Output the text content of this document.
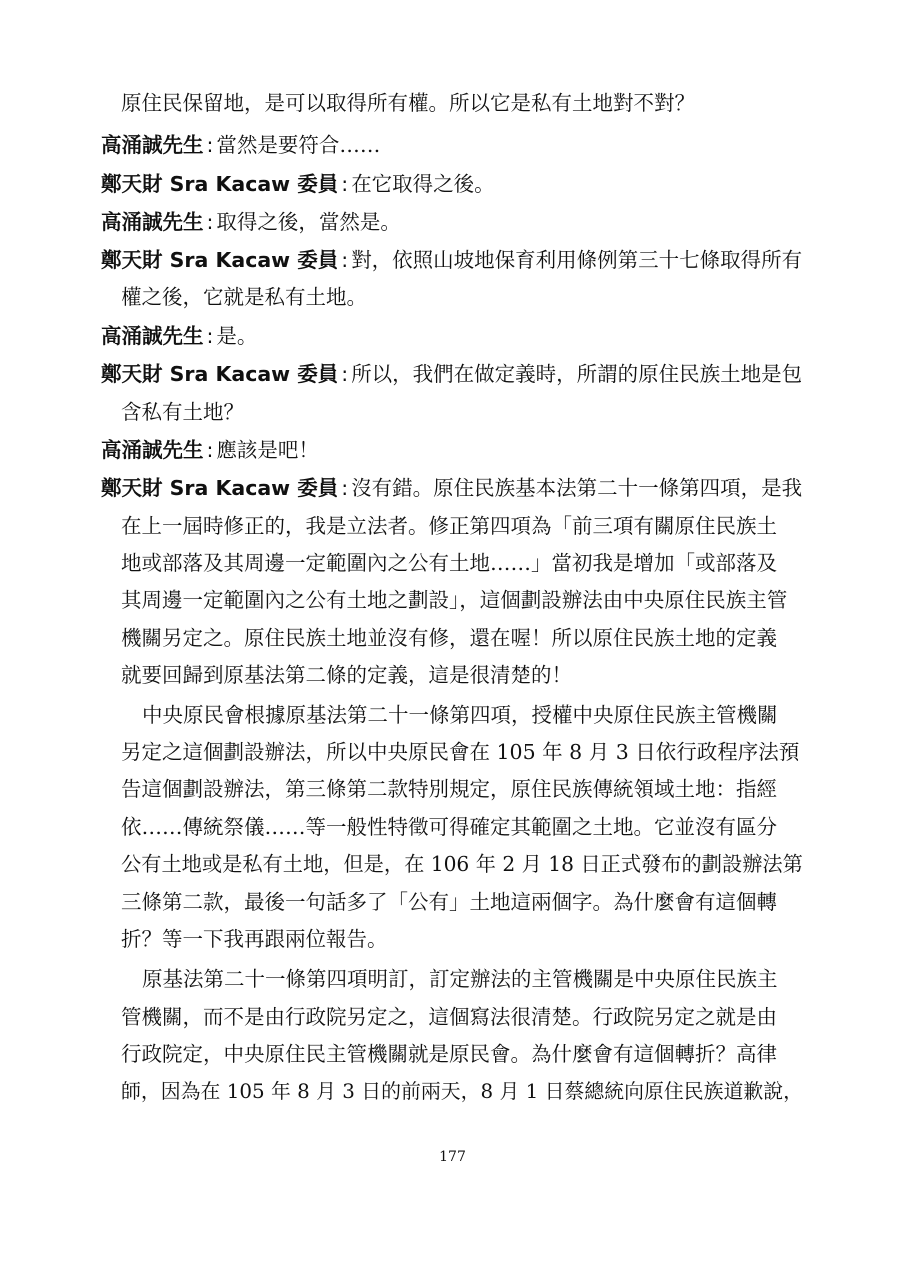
原住民保留地，是可以取得所有權。所以它是私有土地對不對？
高涌誠先生 : 當然是要符合……
鄭天財 Sra Kacaw 委員 : 在它取得之後。
高涌誠先生 : 取得之後，當然是。
鄭天財 Sra Kacaw 委員 : 對，依照山坡地保育利用條例第三十七條取得所有
權之後，它就是私有土地。
高涌誠先生 : 是。
鄭天財 Sra Kacaw 委員 : 所以，我們在做定義時，所謂的原住民族土地是包
含私有土地？
高涌誠先生 : 應該是吧！
鄭天財 Sra Kacaw 委員 : 沒有錯。原住民族基本法第二十一條第四項，是我
在上一屆時修正的，我是立法者。修正第四項為「前三項有關原住民族土
地或部落及其周邊一定範圍內之公有土地……」當初我是增加「或部落及
其周邊一定範圍內之公有土地之劃設」，這個劃設辦法由中央原住民族主管
機關另定之。原住民族土地並沒有修，還在喔！所以原住民族土地的定義
就要回歸到原基法第二條的定義，這是很清楚的！
中央原民會根據原基法第二十一條第四項，授權中央原住民族主管機關
另定之這個劃設辦法，所以中央原民會在 105 年 8 月 3 日依行政程序法預
告這個劃設辦法，第三條第二款特別規定，原住民族傳統領域土地：指經
依……傳統祭儀……等一般性特徵可得確定其範圍之土地。它並沒有區分
公有土地或是私有土地，但是，在 106 年 2 月 18 日正式發布的劃設辦法第
三條第二款，最後一句話多了「公有」土地這兩個字。為什麼會有這個轉
折？等一下我再跟兩位報告。
原基法第二十一條第四項明訂，訂定辦法的主管機關是中央原住民族主
管機關，而不是由行政院另定之，這個寫法很清楚。行政院另定之就是由
行政院定，中央原住民主管機關就是原民會。為什麼會有這個轉折？高律
師，因為在 105 年 8 月 3 日的前兩天，8 月 1 日蔡總統向原住民族道歉說，
177
